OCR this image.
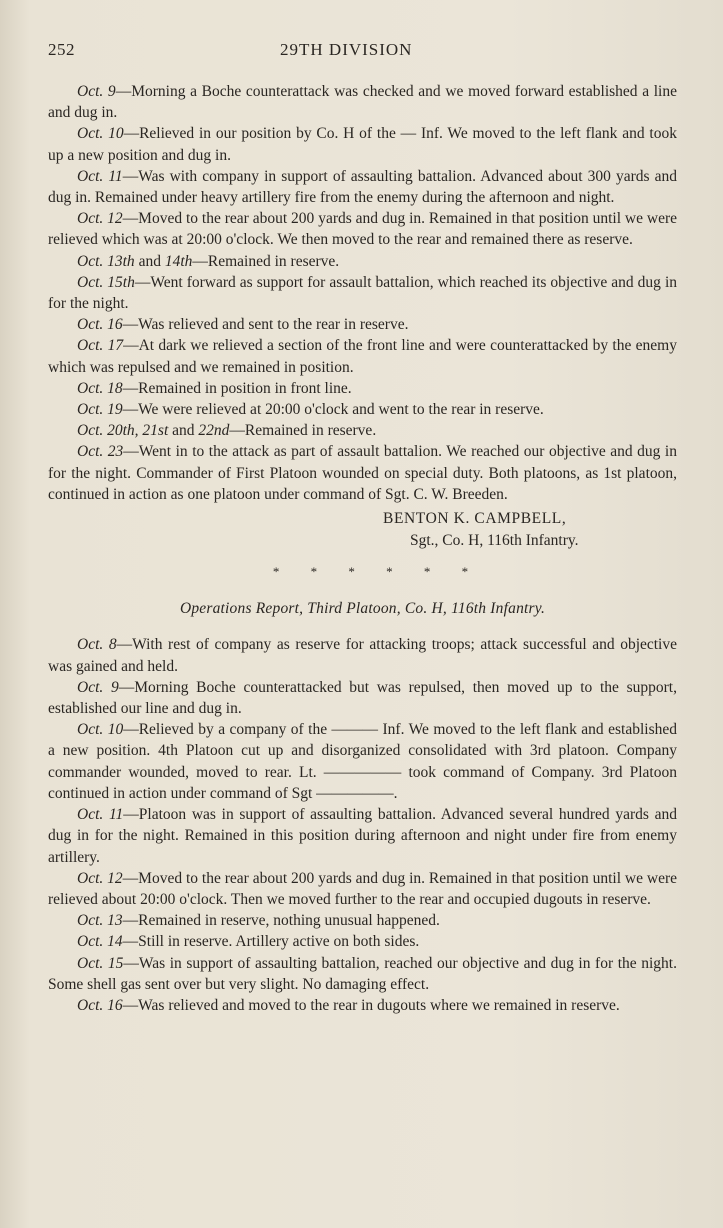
252	29TH DIVISION

Oct. 9—Morning a Boche counterattack was checked and we moved forward established a line and dug in.

Oct. 10—Relieved in our position by Co. H of the — Inf. We moved to the left flank and took up a new position and dug in.

Oct. 11—Was with company in support of assaulting battalion. Advanced about 300 yards and dug in. Remained under heavy artillery fire from the enemy during the afternoon and night.

Oct. 12—Moved to the rear about 200 yards and dug in. Remained in that position until we were relieved which was at 20:00 o'clock. We then moved to the rear and remained there as reserve.

Oct. 13th and 14th—Remained in reserve.

Oct. 15th—Went forward as support for assault battalion, which reached its objective and dug in for the night.

Oct. 16—Was relieved and sent to the rear in reserve.

Oct. 17—At dark we relieved a section of the front line and were counterattacked by the enemy which was repulsed and we remained in position.

Oct. 18—Remained in position in front line.

Oct. 19—We were relieved at 20:00 o'clock and went to the rear in reserve.

Oct. 20th, 21st and 22nd—Remained in reserve.

Oct. 23—Went in to the attack as part of assault battalion. We reached our objective and dug in for the night. Commander of First Platoon wounded on special duty. Both platoons, as 1st platoon, continued in action as one platoon under command of Sgt. C. W. Breeden.

BENTON K. CAMPBELL,
Sgt., Co. H, 116th Infantry.
* * * * * *
Operations Report, Third Platoon, Co. H, 116th Infantry.

Oct. 8—With rest of company as reserve for attacking troops; attack successful and objective was gained and held.

Oct. 9—Morning Boche counterattacked but was repulsed, then moved up to the support, established our line and dug in.

Oct. 10—Relieved by a company of the ——— Inf. We moved to the left flank and established a new position. 4th Platoon cut up and disorganized consolidated with 3rd platoon. Company commander wounded, moved to rear. Lt. ————— took command of Company. 3rd Platoon continued in action under command of Sgt —————.

Oct. 11—Platoon was in support of assaulting battalion. Advanced several hundred yards and dug in for the night. Remained in this position during afternoon and night under fire from enemy artillery.

Oct. 12—Moved to the rear about 200 yards and dug in. Remained in that position until we were relieved about 20:00 o'clock. Then we moved further to the rear and occupied dugouts in reserve.

Oct. 13—Remained in reserve, nothing unusual happened.

Oct. 14—Still in reserve. Artillery active on both sides.

Oct. 15—Was in support of assaulting battalion, reached our objective and dug in for the night. Some shell gas sent over but very slight. No damaging effect.

Oct. 16—Was relieved and moved to the rear in dugouts where we remained in reserve.
